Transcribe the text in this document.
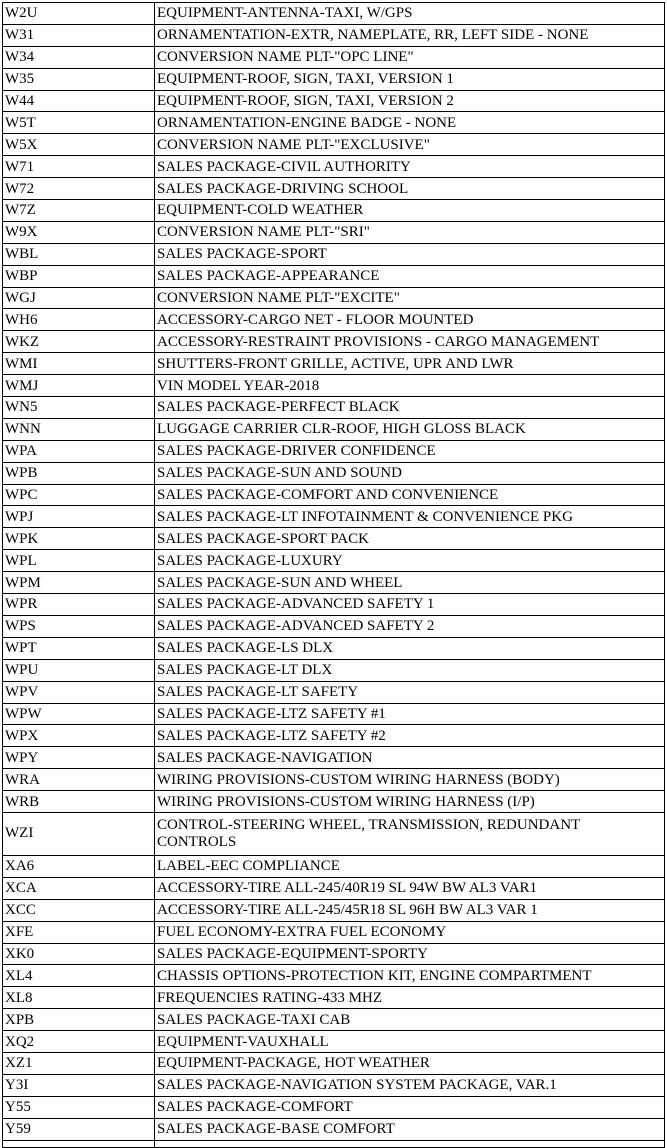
W2U	EQUIPMENT-ANTENNA-TAXI, W/GPS
W31	ORNAMENTATION-EXTR, NAMEPLATE, RR, LEFT SIDE - NONE
W34	CONVERSION NAME PLT-"OPC LINE"
W35	EQUIPMENT-ROOF, SIGN, TAXI, VERSION 1
W44	EQUIPMENT-ROOF, SIGN, TAXI, VERSION 2
W5T	ORNAMENTATION-ENGINE BADGE - NONE
W5X	CONVERSION NAME PLT-"EXCLUSIVE"
W71	SALES PACKAGE-CIVIL AUTHORITY
W72	SALES PACKAGE-DRIVING SCHOOL
W7Z	EQUIPMENT-COLD WEATHER
W9X	CONVERSION NAME PLT-"SRI"
WBL	SALES PACKAGE-SPORT
WBP	SALES PACKAGE-APPEARANCE
WGJ	CONVERSION NAME PLT-"EXCITE"
WH6	ACCESSORY-CARGO NET - FLOOR MOUNTED
WKZ	ACCESSORY-RESTRAINT PROVISIONS - CARGO MANAGEMENT
WMI	SHUTTERS-FRONT GRILLE, ACTIVE, UPR AND LWR
WMJ	VIN MODEL YEAR-2018
WN5	SALES PACKAGE-PERFECT BLACK
WNN	LUGGAGE CARRIER CLR-ROOF, HIGH GLOSS BLACK
WPA	SALES PACKAGE-DRIVER CONFIDENCE
WPB	SALES PACKAGE-SUN AND SOUND
WPC	SALES PACKAGE-COMFORT AND CONVENIENCE
WPJ	SALES PACKAGE-LT INFOTAINMENT & CONVENIENCE PKG
WPK	SALES PACKAGE-SPORT PACK
WPL	SALES PACKAGE-LUXURY
WPM	SALES PACKAGE-SUN AND WHEEL
WPR	SALES PACKAGE-ADVANCED SAFETY 1
WPS	SALES PACKAGE-ADVANCED SAFETY 2
WPT	SALES PACKAGE-LS DLX
WPU	SALES PACKAGE-LT DLX
WPV	SALES PACKAGE-LT SAFETY
WPW	SALES PACKAGE-LTZ SAFETY #1
WPX	SALES PACKAGE-LTZ SAFETY #2
WPY	SALES PACKAGE-NAVIGATION
WRA	WIRING PROVISIONS-CUSTOM WIRING HARNESS (BODY)
WRB	WIRING PROVISIONS-CUSTOM WIRING HARNESS (I/P)
WZI	CONTROL-STEERING WHEEL, TRANSMISSION, REDUNDANT CONTROLS
XA6	LABEL-EEC COMPLIANCE
XCA	ACCESSORY-TIRE ALL-245/40R19 SL 94W BW AL3 VAR1
XCC	ACCESSORY-TIRE ALL-245/45R18 SL 96H BW AL3 VAR 1
XFE	FUEL ECONOMY-EXTRA FUEL ECONOMY
XK0	SALES PACKAGE-EQUIPMENT-SPORTY
XL4	CHASSIS OPTIONS-PROTECTION KIT, ENGINE COMPARTMENT
XL8	FREQUENCIES RATING-433 MHZ
XPB	SALES PACKAGE-TAXI CAB
XQ2	EQUIPMENT-VAUXHALL
XZ1	EQUIPMENT-PACKAGE, HOT WEATHER
Y3I	SALES PACKAGE-NAVIGATION SYSTEM PACKAGE, VAR.1
Y55	SALES PACKAGE-COMFORT
Y59	SALES PACKAGE-BASE COMFORT
